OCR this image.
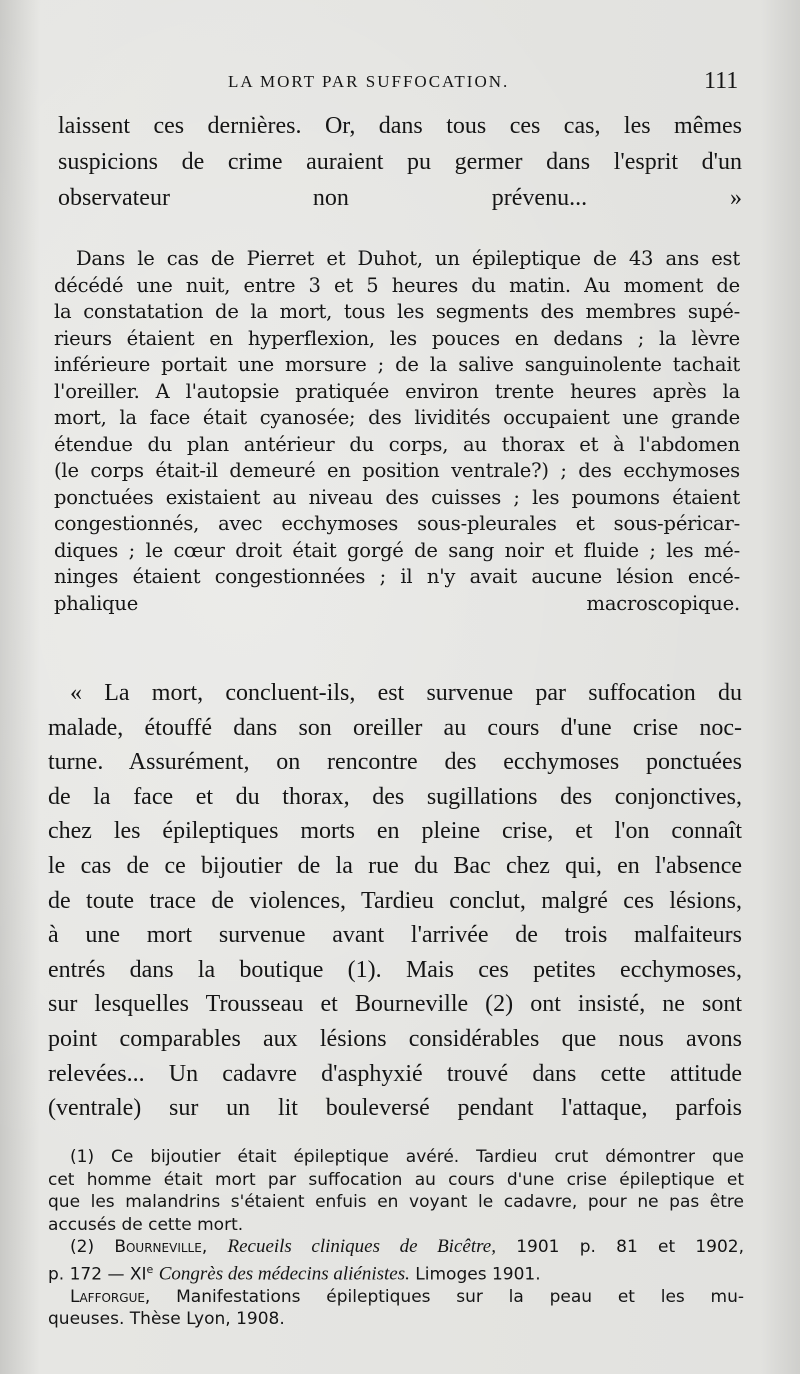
LA MORT PAR SUFFOCATION.	111
laissent ces dernières. Or, dans tous ces cas, les mêmes
suspicions de crime auraient pu germer dans l'esprit d'un
observateur non prévenu... »
Dans le cas de Pierret et Duhot, un épileptique de 43 ans est
décédé une nuit, entre 3 et 5 heures du matin. Au moment de
la constatation de la mort, tous les segments des membres supé-
rieurs étaient en hyperflexion, les pouces en dedans ; la lèvre
inférieure portait une morsure ; de la salive sanguinolente tachait
l'oreiller. A l'autopsie pratiquée environ trente heures après la
mort, la face était cyanosée; des lividités occupaient une grande
étendue du plan antérieur du corps, au thorax et à l'abdomen
(le corps était-il demeuré en position ventrale?) ; des ecchymoses
ponctuées existaient au niveau des cuisses ; les poumons étaient
congestionnés, avec ecchymoses sous-pleurales et sous-péricar-
diques ; le cœur droit était gorgé de sang noir et fluide ; les mé-
ninges étaient congestionnées ; il n'y avait aucune lésion encé-
phalique macroscopique.
« La mort, concluent-ils, est survenue par suffocation du
malade, étouffé dans son oreiller au cours d'une crise noc-
turne. Assurément, on rencontre des ecchymoses ponctuées
de la face et du thorax, des sugillations des conjonctives,
chez les épileptiques morts en pleine crise, et l'on connaît
le cas de ce bijoutier de la rue du Bac chez qui, en l'absence
de toute trace de violences, Tardieu conclut, malgré ces lésions,
à une mort survenue avant l'arrivée de trois malfaiteurs
entrés dans la boutique (1). Mais ces petites ecchymoses,
sur lesquelles Trousseau et Bourneville (2) ont insisté, ne sont
point comparables aux lésions considérables que nous avons
relevées... Un cadavre d'asphyxié trouvé dans cette attitude
(ventrale) sur un lit bouleversé pendant l'attaque, parfois
(1) Ce bijoutier était épileptique avéré. Tardieu crut démontrer que
cet homme était mort par suffocation au cours d'une crise épileptique et
que les malandrins s'étaient enfuis en voyant le cadavre, pour ne pas être
accusés de cette mort.
(2) Bourneville, Recueils cliniques de Bicêtre, 1901 p. 81 et 1902,
p. 172 — XIe Congrès des médecins aliénistes. Limoges 1901.
Lafforgue, Manifestations épileptiques sur la peau et les mu-
queuses. Thèse Lyon, 1908.
